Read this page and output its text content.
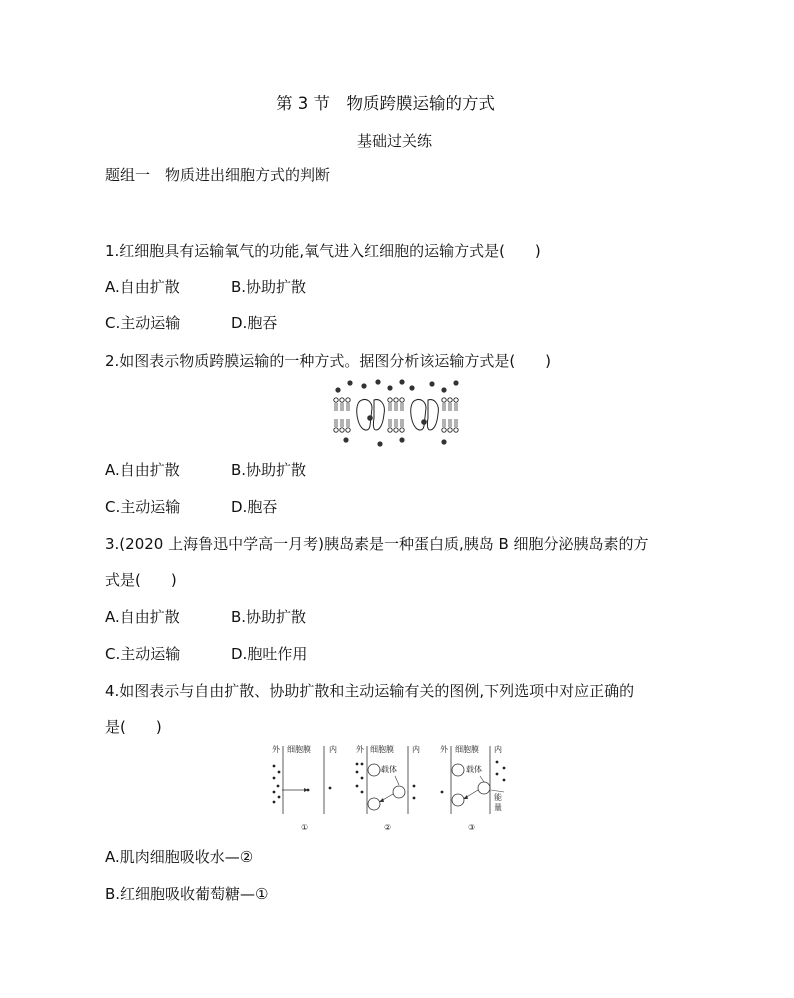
第 3 节　物质跨膜运输的方式
基础过关练
题组一　物质进出细胞方式的判断
1.红细胞具有运输氧气的功能,氧气进入红细胞的运输方式是(　　)
A.自由扩散	B.协助扩散
C.主动运输	D.胞吞
2.如图表示物质跨膜运输的一种方式。据图分析该运输方式是(　　)
A.自由扩散	B.协助扩散
C.主动运输	D.胞吞
3.(2020 上海鲁迅中学高一月考)胰岛素是一种蛋白质,胰岛 B 细胞分泌胰岛素的方
式是(　　)
A.自由扩散	B.协助扩散
C.主动运输	D.胞吐作用
4.如图表示与自由扩散、协助扩散和主动运输有关的图例,下列选项中对应正确的
是(　　)
外 细胞膜 内
①
外 细胞膜 内
载体
②
外 细胞膜 内
载体
能
量
③
A.肌肉细胞吸收水—②
B.红细胞吸收葡萄糖—①
